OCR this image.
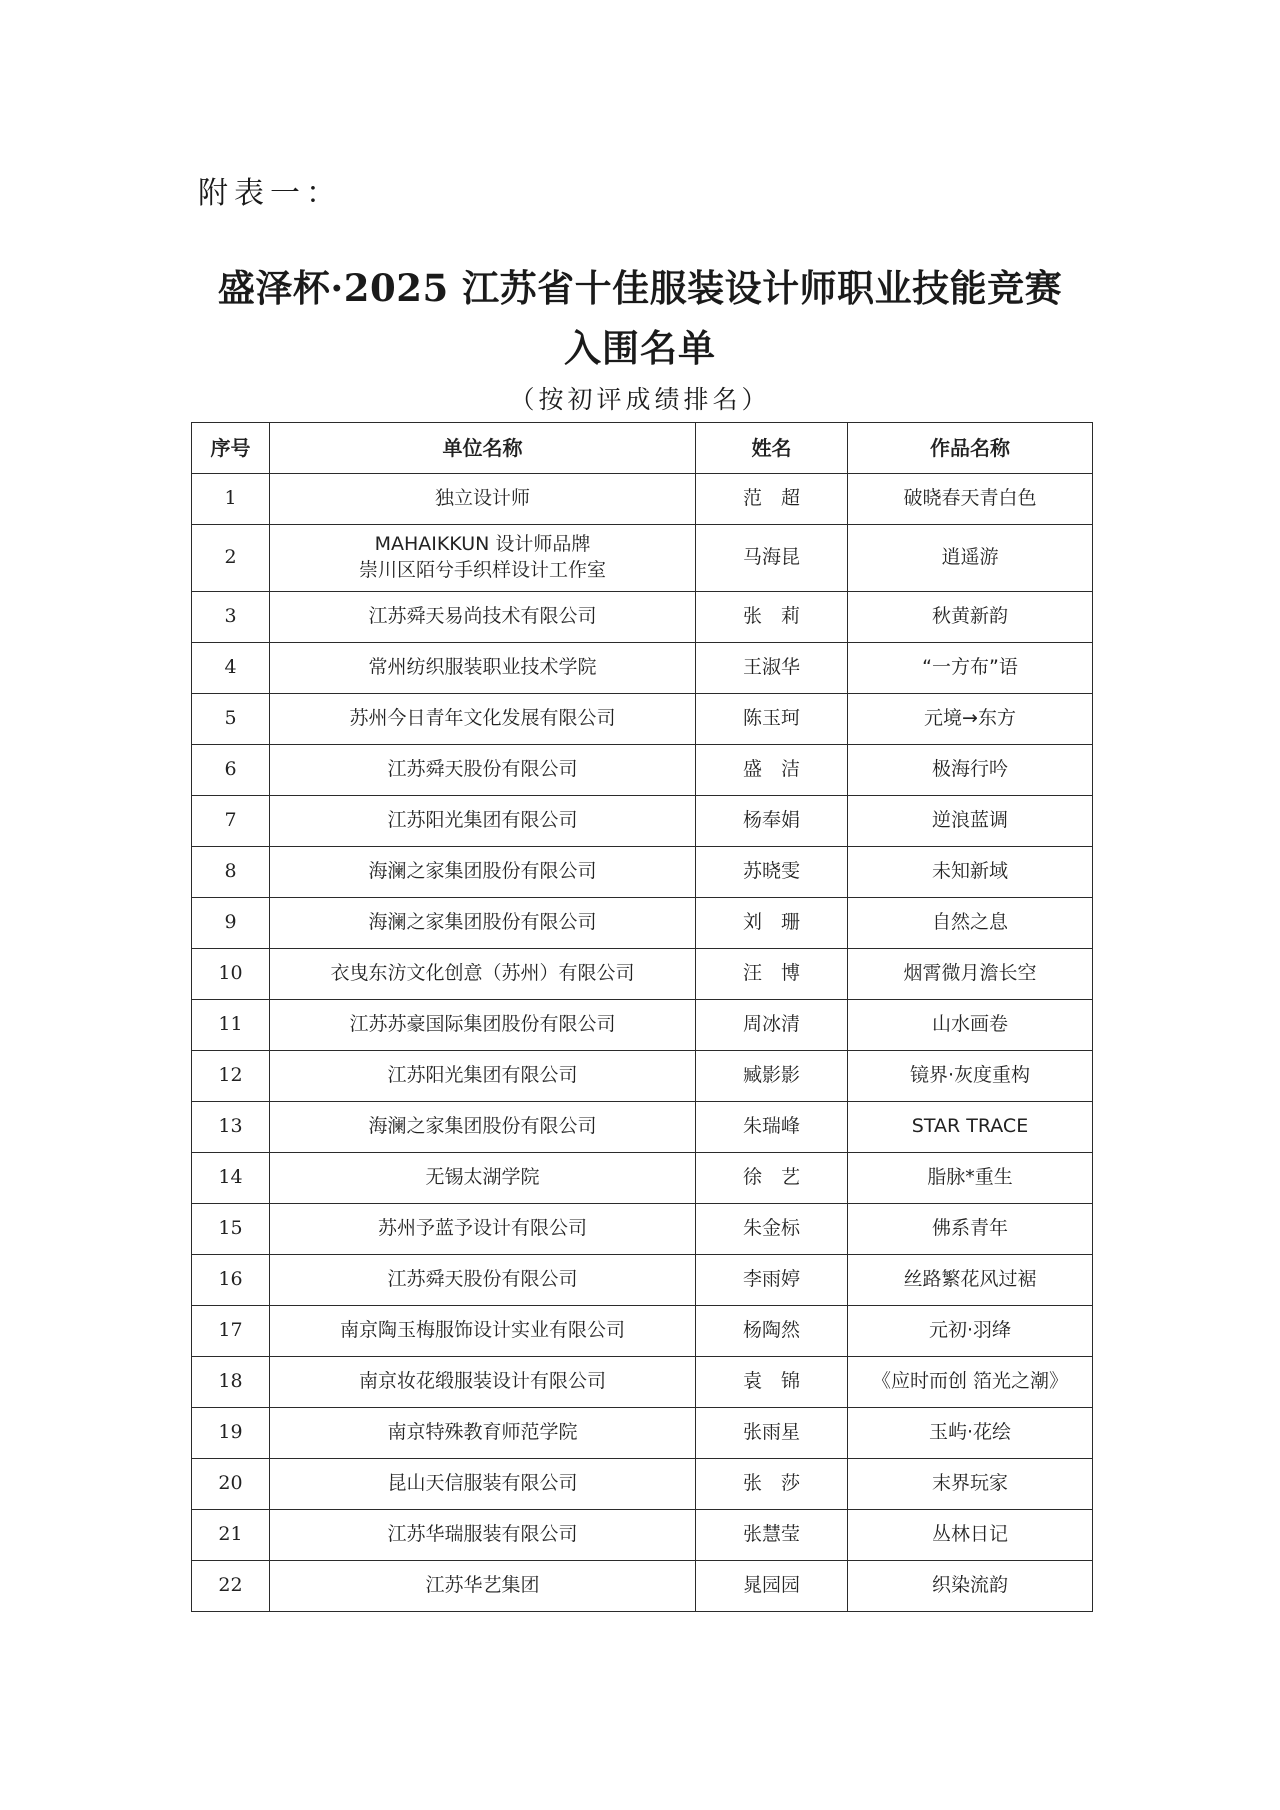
附表一：
盛泽杯·2025 江苏省十佳服装设计师职业技能竞赛
入围名单
（按初评成绩排名）
序号	单位名称	姓名	作品名称
1	独立设计师	范　超	破晓春天青白色
2	MAHAIKKUN 设计师品牌
崇川区陌兮手织样设计工作室	马海昆	逍遥游
3	江苏舜天易尚技术有限公司	张　莉	秋黄新韵
4	常州纺织服装职业技术学院	王淑华	“一方布”语
5	苏州今日青年文化发展有限公司	陈玉珂	元境→东方
6	江苏舜天股份有限公司	盛　洁	极海行吟
7	江苏阳光集团有限公司	杨奉娟	逆浪蓝调
8	海澜之家集团股份有限公司	苏晓雯	未知新域
9	海澜之家集团股份有限公司	刘　珊	自然之息
10	衣曳东汸文化创意（苏州）有限公司	汪　博	烟霄微月澹长空
11	江苏苏豪国际集团股份有限公司	周冰清	山水画卷
12	江苏阳光集团有限公司	臧影影	镜界·灰度重构
13	海澜之家集团股份有限公司	朱瑞峰	STAR TRACE
14	无锡太湖学院	徐　艺	脂脉*重生
15	苏州予蓝予设计有限公司	朱金标	佛系青年
16	江苏舜天股份有限公司	李雨婷	丝路繁花风过裾
17	南京陶玉梅服饰设计实业有限公司	杨陶然	元初·羽绛
18	南京妆花缎服装设计有限公司	袁　锦	《应时而创 箔光之潮》
19	南京特殊教育师范学院	张雨星	玉屿·花绘
20	昆山天信服装有限公司	张　莎	末界玩家
21	江苏华瑞服装有限公司	张慧莹	丛林日记
22	江苏华艺集团	晁园园	织染流韵
